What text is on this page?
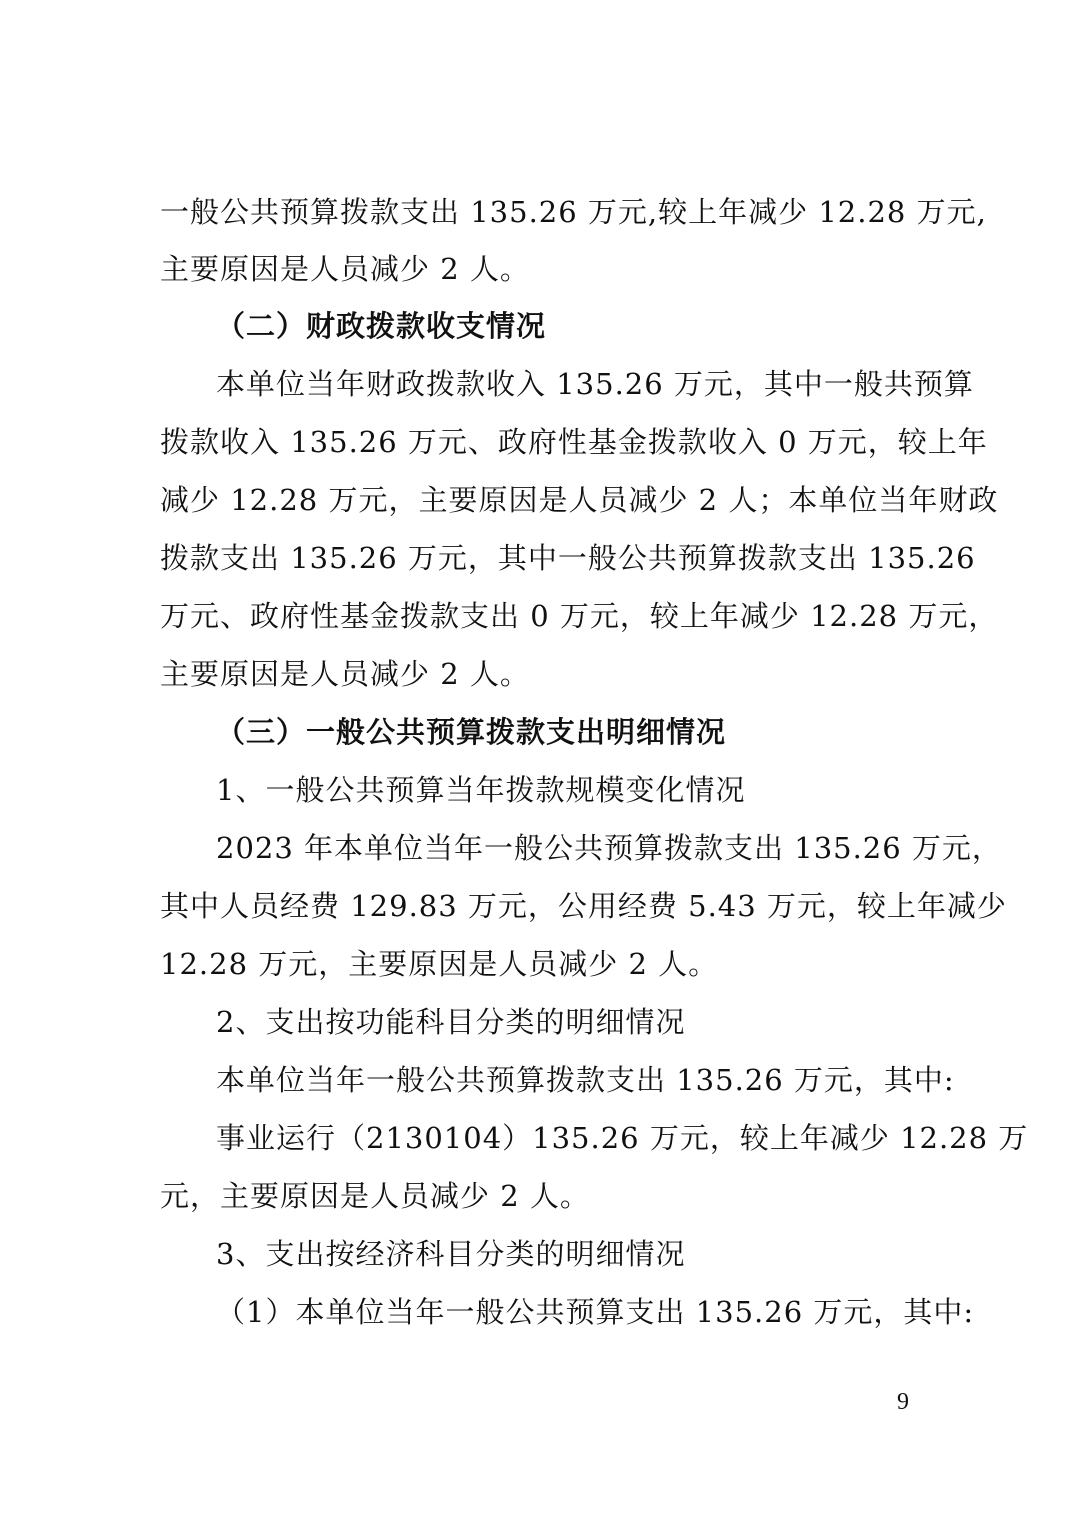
一般公共预算拨款支出 135.26 万元,较上年减少 12.28 万元,
主要原因是人员减少 2 人。
（二）财政拨款收支情况
本单位当年财政拨款收入 135.26 万元，其中一般共预算
拨款收入 135.26 万元、政府性基金拨款收入 0 万元，较上年
减少 12.28 万元，主要原因是人员减少 2 人；本单位当年财政
拨款支出 135.26 万元，其中一般公共预算拨款支出 135.26
万元、政府性基金拨款支出 0 万元，较上年减少 12.28 万元，
主要原因是人员减少 2 人。
（三）一般公共预算拨款支出明细情况
1、一般公共预算当年拨款规模变化情况
2023 年本单位当年一般公共预算拨款支出 135.26 万元，
其中人员经费 129.83 万元，公用经费 5.43 万元，较上年减少
12.28 万元，主要原因是人员减少 2 人。
2、支出按功能科目分类的明细情况
本单位当年一般公共预算拨款支出 135.26 万元，其中:
事业运行（2130104）135.26 万元，较上年减少 12.28 万
元，主要原因是人员减少 2 人。
3、支出按经济科目分类的明细情况
（1）本单位当年一般公共预算支出 135.26 万元，其中:
9
